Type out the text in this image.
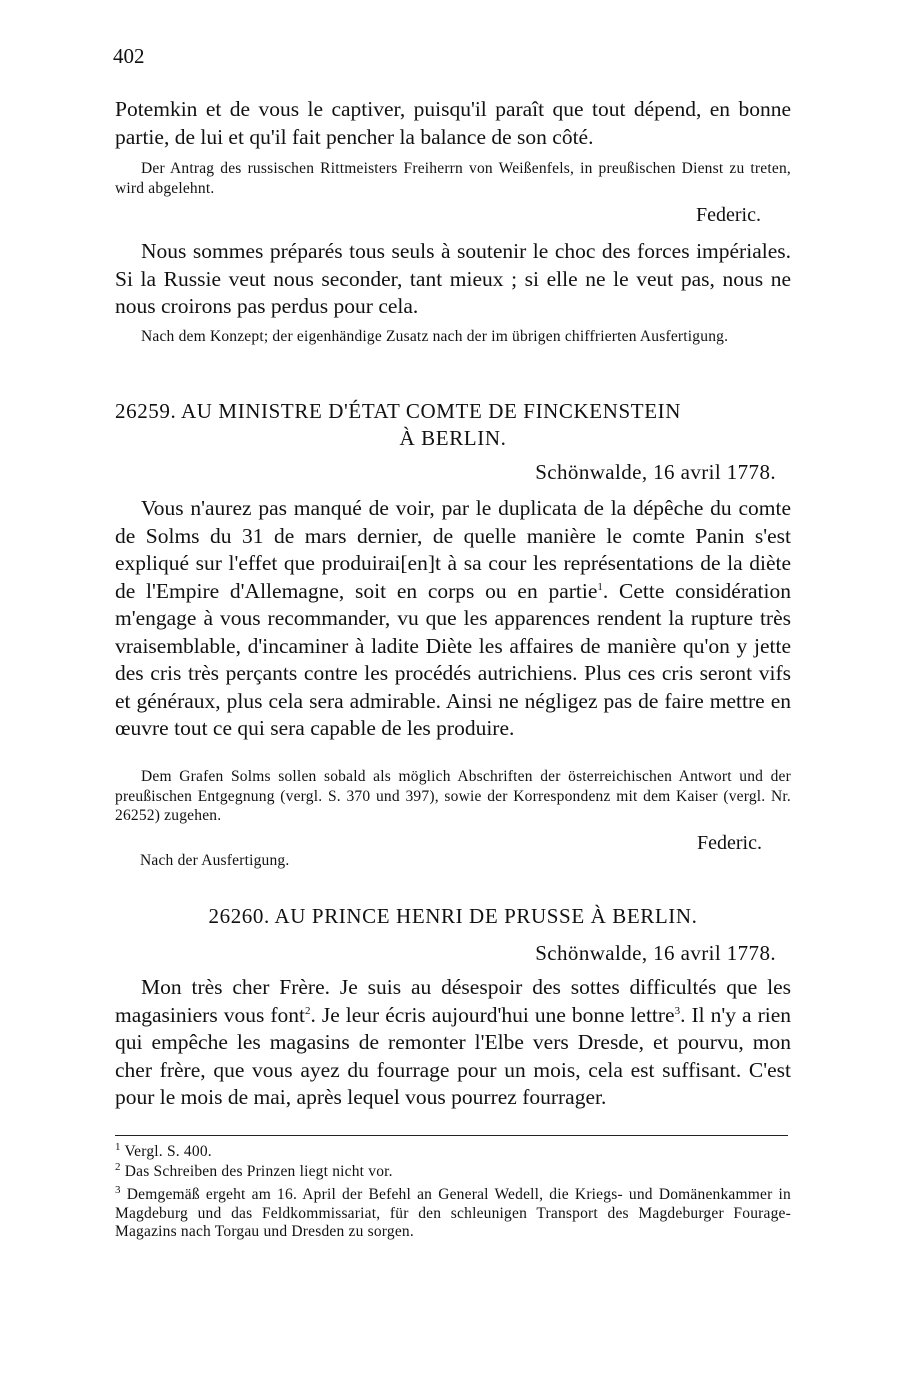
402
Potemkin et de vous le captiver, puisqu'il paraît que tout dépend, en bonne partie, de lui et qu'il fait pencher la balance de son côté.
Der Antrag des russischen Rittmeisters Freiherrn von Weißenfels, in preußischen Dienst zu treten, wird abgelehnt.
Federic.
Nous sommes préparés tous seuls à soutenir le choc des forces impériales. Si la Russie veut nous seconder, tant mieux ; si elle ne le veut pas, nous ne nous croirons pas perdus pour cela.
Nach dem Konzept; der eigenhändige Zusatz nach der im übrigen chiffrierten Ausfertigung.
26259. AU MINISTRE D'ÉTAT COMTE DE FINCKENSTEIN
À BERLIN.
Schönwalde, 16 avril 1778.
Vous n'aurez pas manqué de voir, par le duplicata de la dépêche du comte de Solms du 31 de mars dernier, de quelle manière le comte Panin s'est expliqué sur l'effet que produirai[en]t à sa cour les représentations de la diète de l'Empire d'Allemagne, soit en corps ou en partie$^1$. Cette considération m'engage à vous recommander, vu que les apparences rendent la rupture très vraisemblable, d'incaminer à ladite Diète les affaires de manière qu'on y jette des cris très perçants contre les procédés autrichiens. Plus ces cris seront vifs et généraux, plus cela sera admirable. Ainsi ne négligez pas de faire mettre en œuvre tout ce qui sera capable de les produire.
Dem Grafen Solms sollen sobald als möglich Abschriften der österreichischen Antwort und der preußischen Entgegnung (vergl. S. 370 und 397), sowie der Korrespondenz mit dem Kaiser (vergl. Nr. 26252) zugehen.
Federic.
Nach der Ausfertigung.
26260. AU PRINCE HENRI DE PRUSSE À BERLIN.
Schönwalde, 16 avril 1778.
Mon très cher Frère. Je suis au désespoir des sottes difficultés que les magasiniers vous font$^2$. Je leur écris aujourd'hui une bonne lettre$^3$. Il n'y a rien qui empêche les magasins de remonter l'Elbe vers Dresde, et pourvu, mon cher frère, que vous ayez du fourrage pour un mois, cela est suffisant. C'est pour le mois de mai, après lequel vous pourrez fourrager.
$^1$ Vergl. S. 400.
$^2$ Das Schreiben des Prinzen liegt nicht vor.
$^3$ Demgemäß ergeht am 16. April der Befehl an General Wedell, die Kriegs- und Domänenkammer in Magdeburg und das Feldkommissariat, für den schleunigen Transport des Magdeburger Fourage-Magazins nach Torgau und Dresden zu sorgen.
